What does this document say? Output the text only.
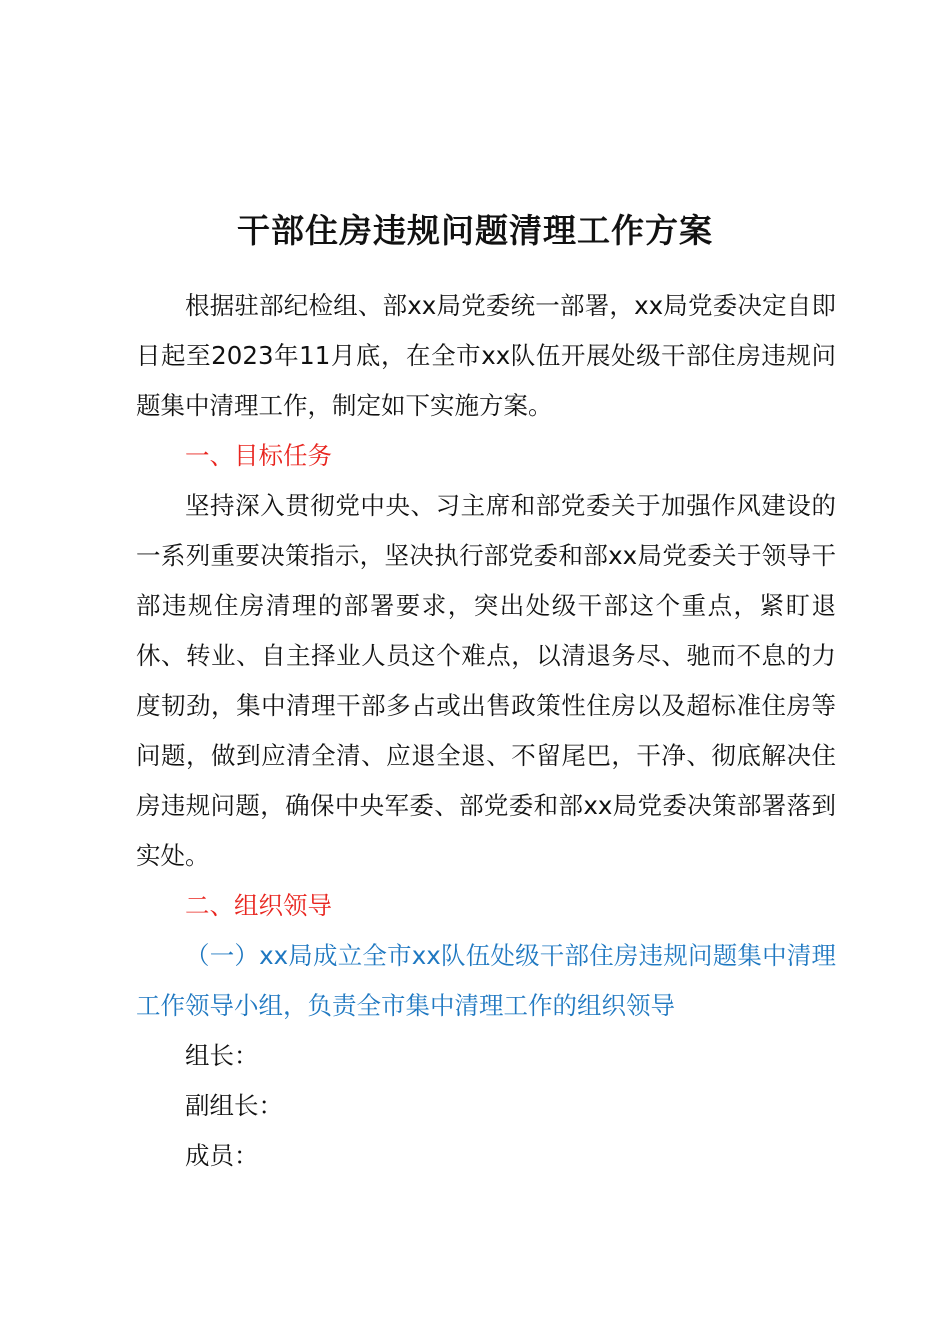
干部住房违规问题清理工作方案

根据驻部纪检组、部xx局党委统一部署，xx局党委决定自即日起至2023年11月底，在全市xx队伍开展处级干部住房违规问题集中清理工作，制定如下实施方案。

一、目标任务

坚持深入贯彻党中央、习主席和部党委关于加强作风建设的一系列重要决策指示，坚决执行部党委和部xx局党委关于领导干部违规住房清理的部署要求，突出处级干部这个重点，紧盯退休、转业、自主择业人员这个难点，以清退务尽、驰而不息的力度韧劲，集中清理干部多占或出售政策性住房以及超标准住房等问题，做到应清全清、应退全退、不留尾巴，干净、彻底解决住房违规问题，确保中央军委、部党委和部xx局党委决策部署落到实处。

二、组织领导

（一）xx局成立全市xx队伍处级干部住房违规问题集中清理工作领导小组，负责全市集中清理工作的组织领导

组长：

副组长：

成员：
